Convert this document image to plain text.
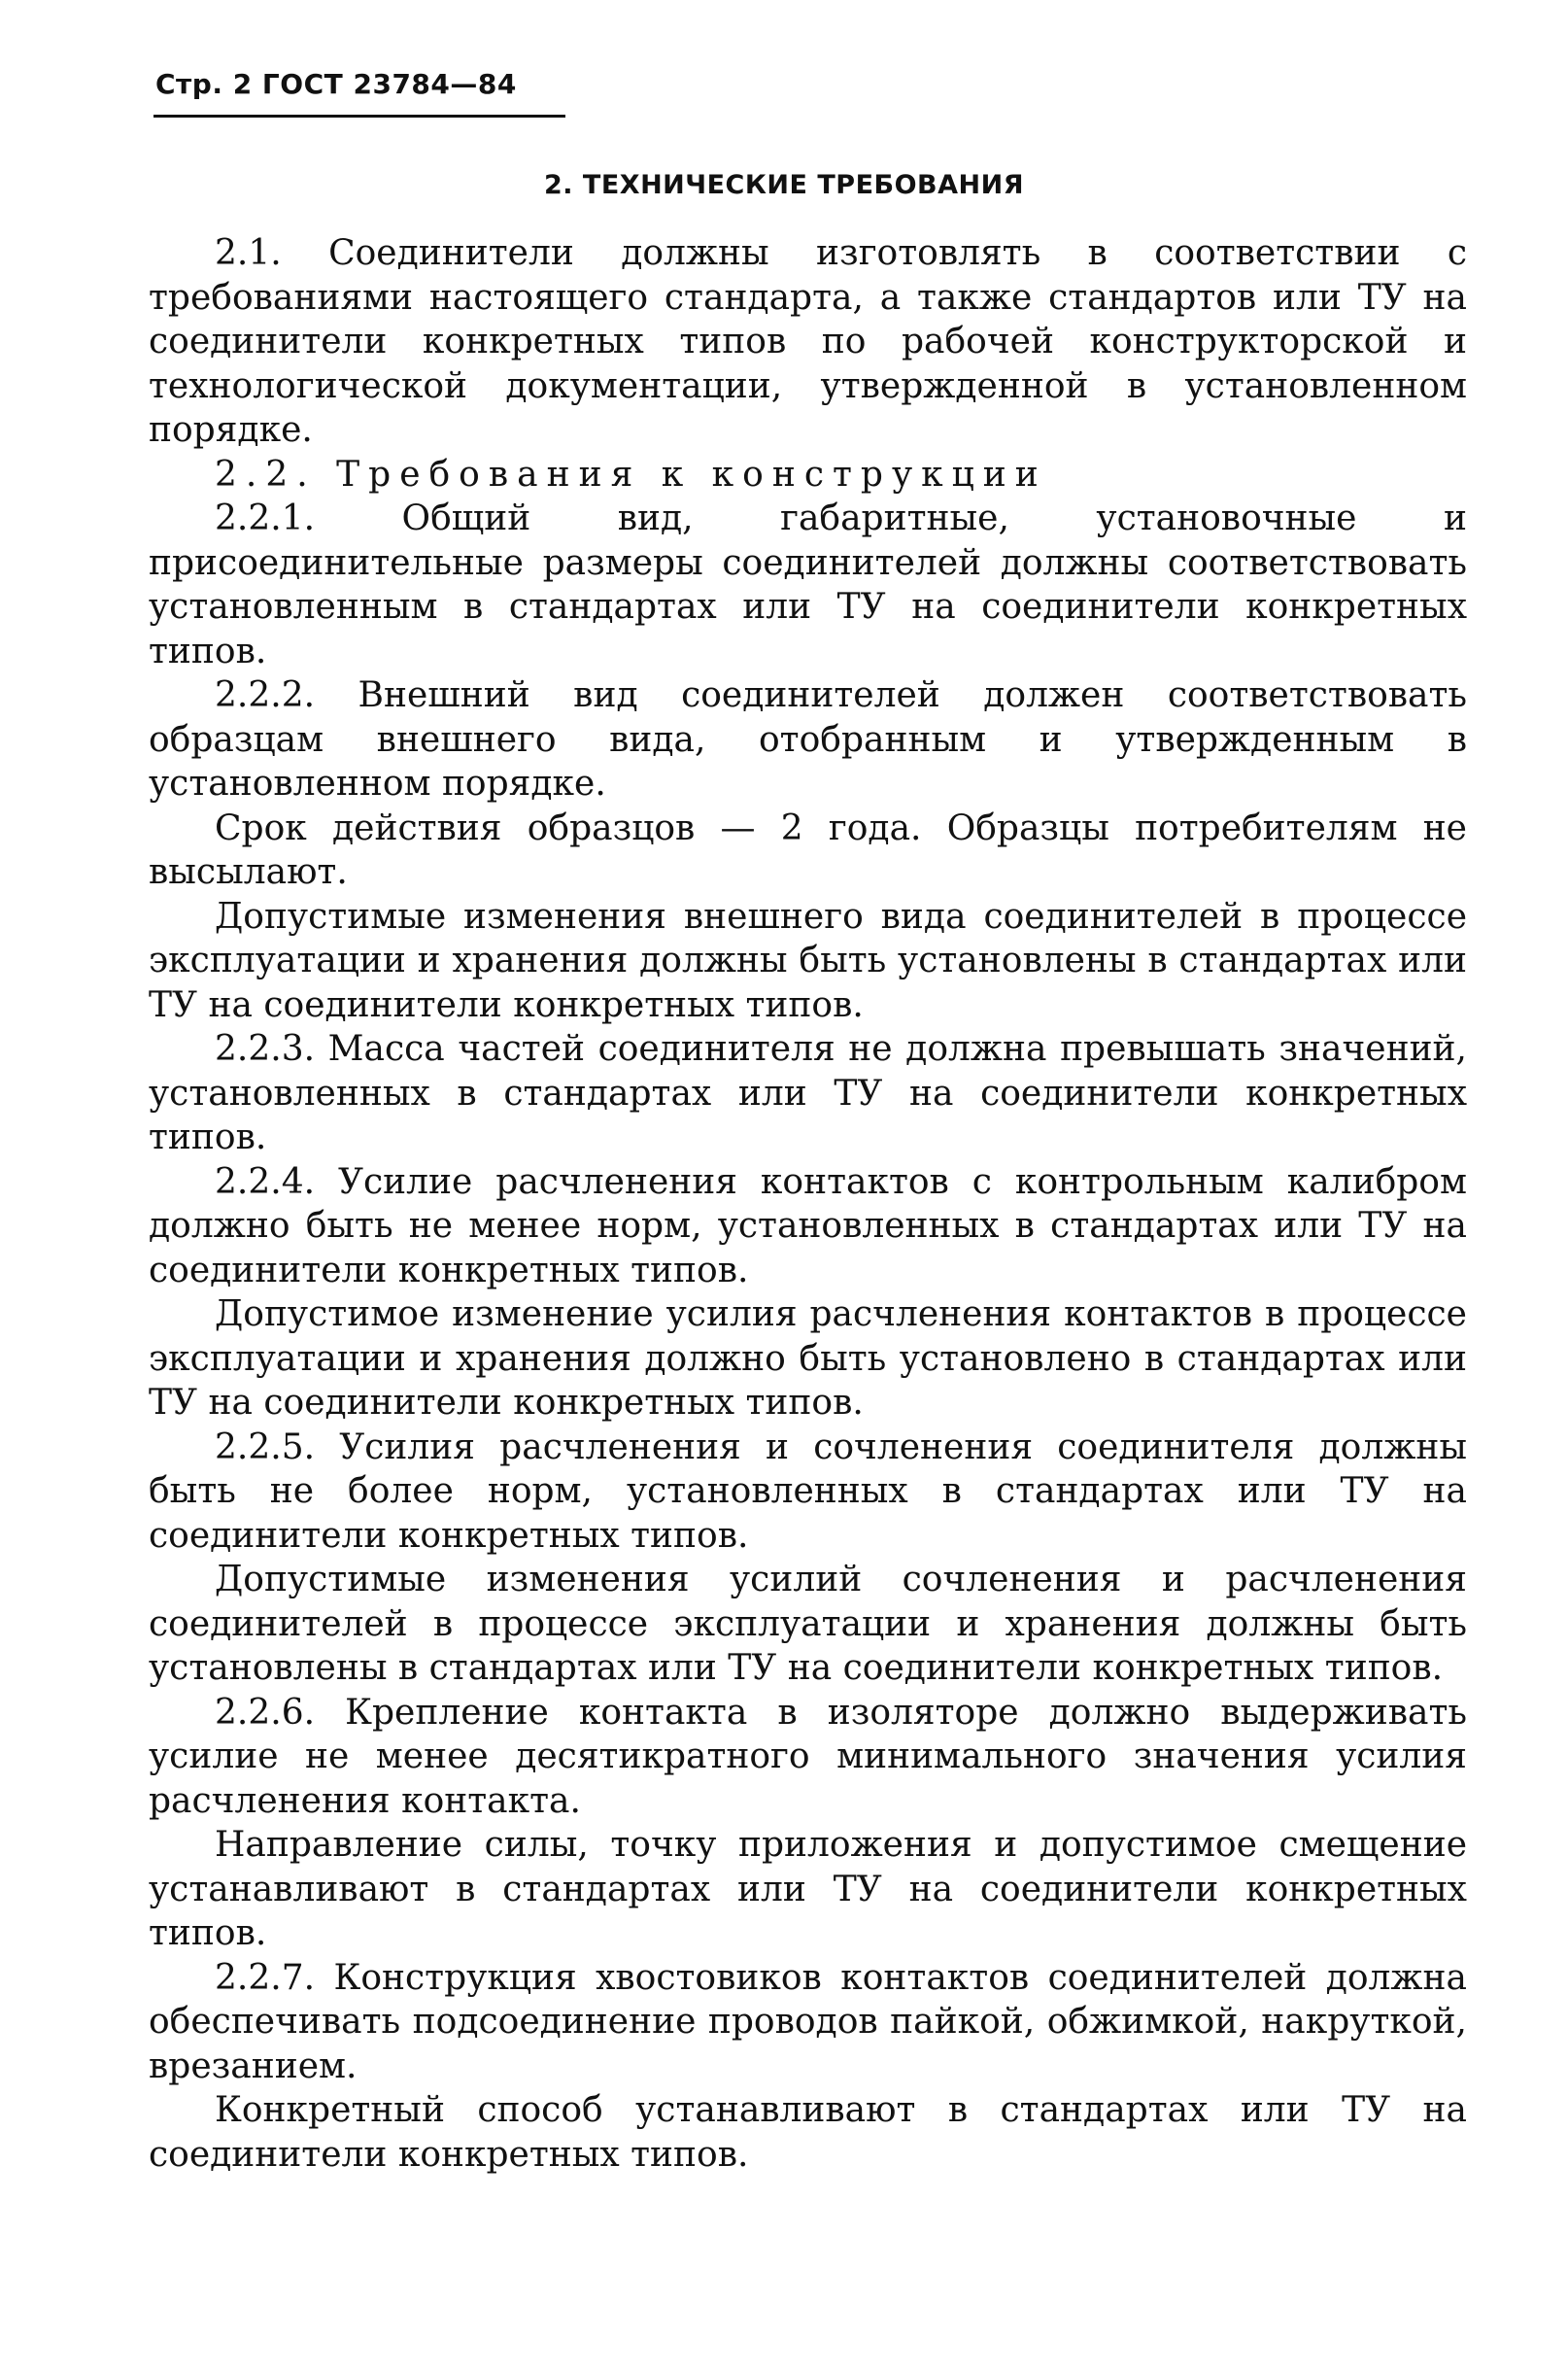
Стр. 2 ГОСТ 23784—84
2. ТЕХНИЧЕСКИЕ ТРЕБОВАНИЯ

2.1. Соединители должны изготовлять в соответствии с требованиями настоящего стандарта, а также стандартов или ТУ на соединители конкретных типов по рабочей конструкторской и технологической документации, утвержденной в установленном порядке.

2.2. Требования к конструкции

2.2.1. Общий вид, габаритные, установочные и присоединительные размеры соединителей должны соответствовать установленным в стандартах или ТУ на соединители конкретных типов.

2.2.2. Внешний вид соединителей должен соответствовать образцам внешнего вида, отобранным и утвержденным в установленном порядке.

Срок действия образцов — 2 года. Образцы потребителям не высылают.

Допустимые изменения внешнего вида соединителей в процессе эксплуатации и хранения должны быть установлены в стандартах или ТУ на соединители конкретных типов.

2.2.3. Масса частей соединителя не должна превышать значений, установленных в стандартах или ТУ на соединители конкретных типов.

2.2.4. Усилие расчленения контактов с контрольным калибром должно быть не менее норм, установленных в стандартах или ТУ на соединители конкретных типов.

Допустимое изменение усилия расчленения контактов в процессе эксплуатации и хранения должно быть установлено в стандартах или ТУ на соединители конкретных типов.

2.2.5. Усилия расчленения и сочленения соединителя должны быть не более норм, установленных в стандартах или ТУ на соединители конкретных типов.

Допустимые изменения усилий сочленения и расчленения соединителей в процессе эксплуатации и хранения должны быть установлены в стандартах или ТУ на соединители конкретных типов.

2.2.6. Крепление контакта в изоляторе должно выдерживать усилие не менее десятикратного минимального значения усилия расчленения контакта.

Направление силы, точку приложения и допустимое смещение устанавливают в стандартах или ТУ на соединители конкретных типов.

2.2.7. Конструкция хвостовиков контактов соединителей должна обеспечивать подсоединение проводов пайкой, обжимкой, накруткой, врезанием.

Конкретный способ устанавливают в стандартах или ТУ на соединители конкретных типов.
